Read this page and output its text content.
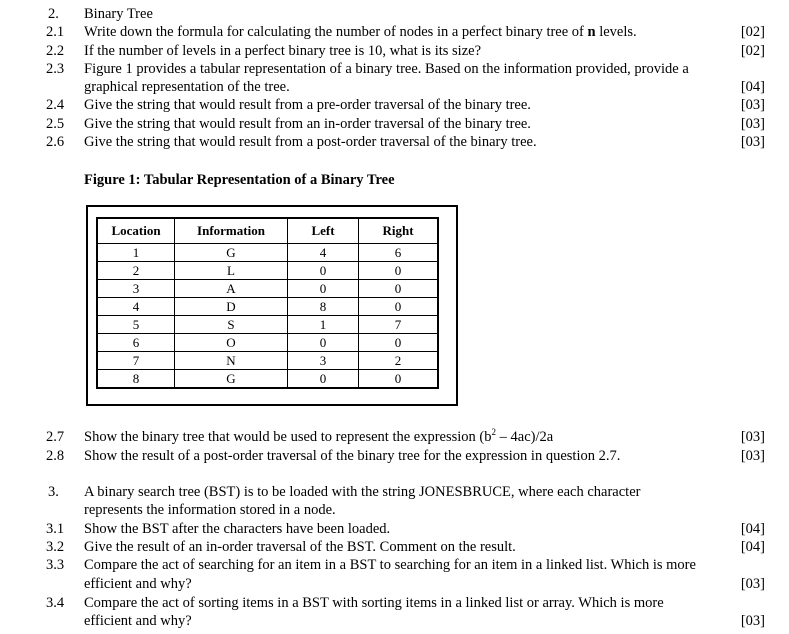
2. Binary Tree
2.1 Write down the formula for calculating the number of nodes in a perfect binary tree of n levels.	[02]
2.2 If the number of levels in a perfect binary tree is 10, what is its size?	[02]
2.3 Figure 1 provides a tabular representation of a binary tree. Based on the information provided, provide a
graphical representation of the tree.	[04]
2.4 Give the string that would result from a pre-order traversal of the binary tree.	[03]
2.5 Give the string that would result from an in-order traversal of the binary tree.	[03]
2.6 Give the string that would result from a post-order traversal of the binary tree.	[03]
Figure 1: Tabular Representation of a Binary Tree
Location	Information	Left	Right
1	G	4	6
2	L	0	0
3	A	0	0
4	D	8	0
5	S	1	7
6	O	0	0
7	N	3	2
8	G	0	0
2.7 Show the binary tree that would be used to represent the expression $(b^2 - 4ac)/2a$	[03]
2.8 Show the result of a post-order traversal of the binary tree for the expression in question 2.7.	[03]
3. A binary search tree (BST) is to be loaded with the string JONESBRUCE, where each character
represents the information stored in a node.
3.1 Show the BST after the characters have been loaded.	[04]
3.2 Give the result of an in-order traversal of the BST. Comment on the result.	[04]
3.3 Compare the act of searching for an item in a BST to searching for an item in a linked list. Which is more
efficient and why?	[03]
3.4 Compare the act of sorting items in a BST with sorting items in a linked list or array. Which is more
efficient and why?	[03]
